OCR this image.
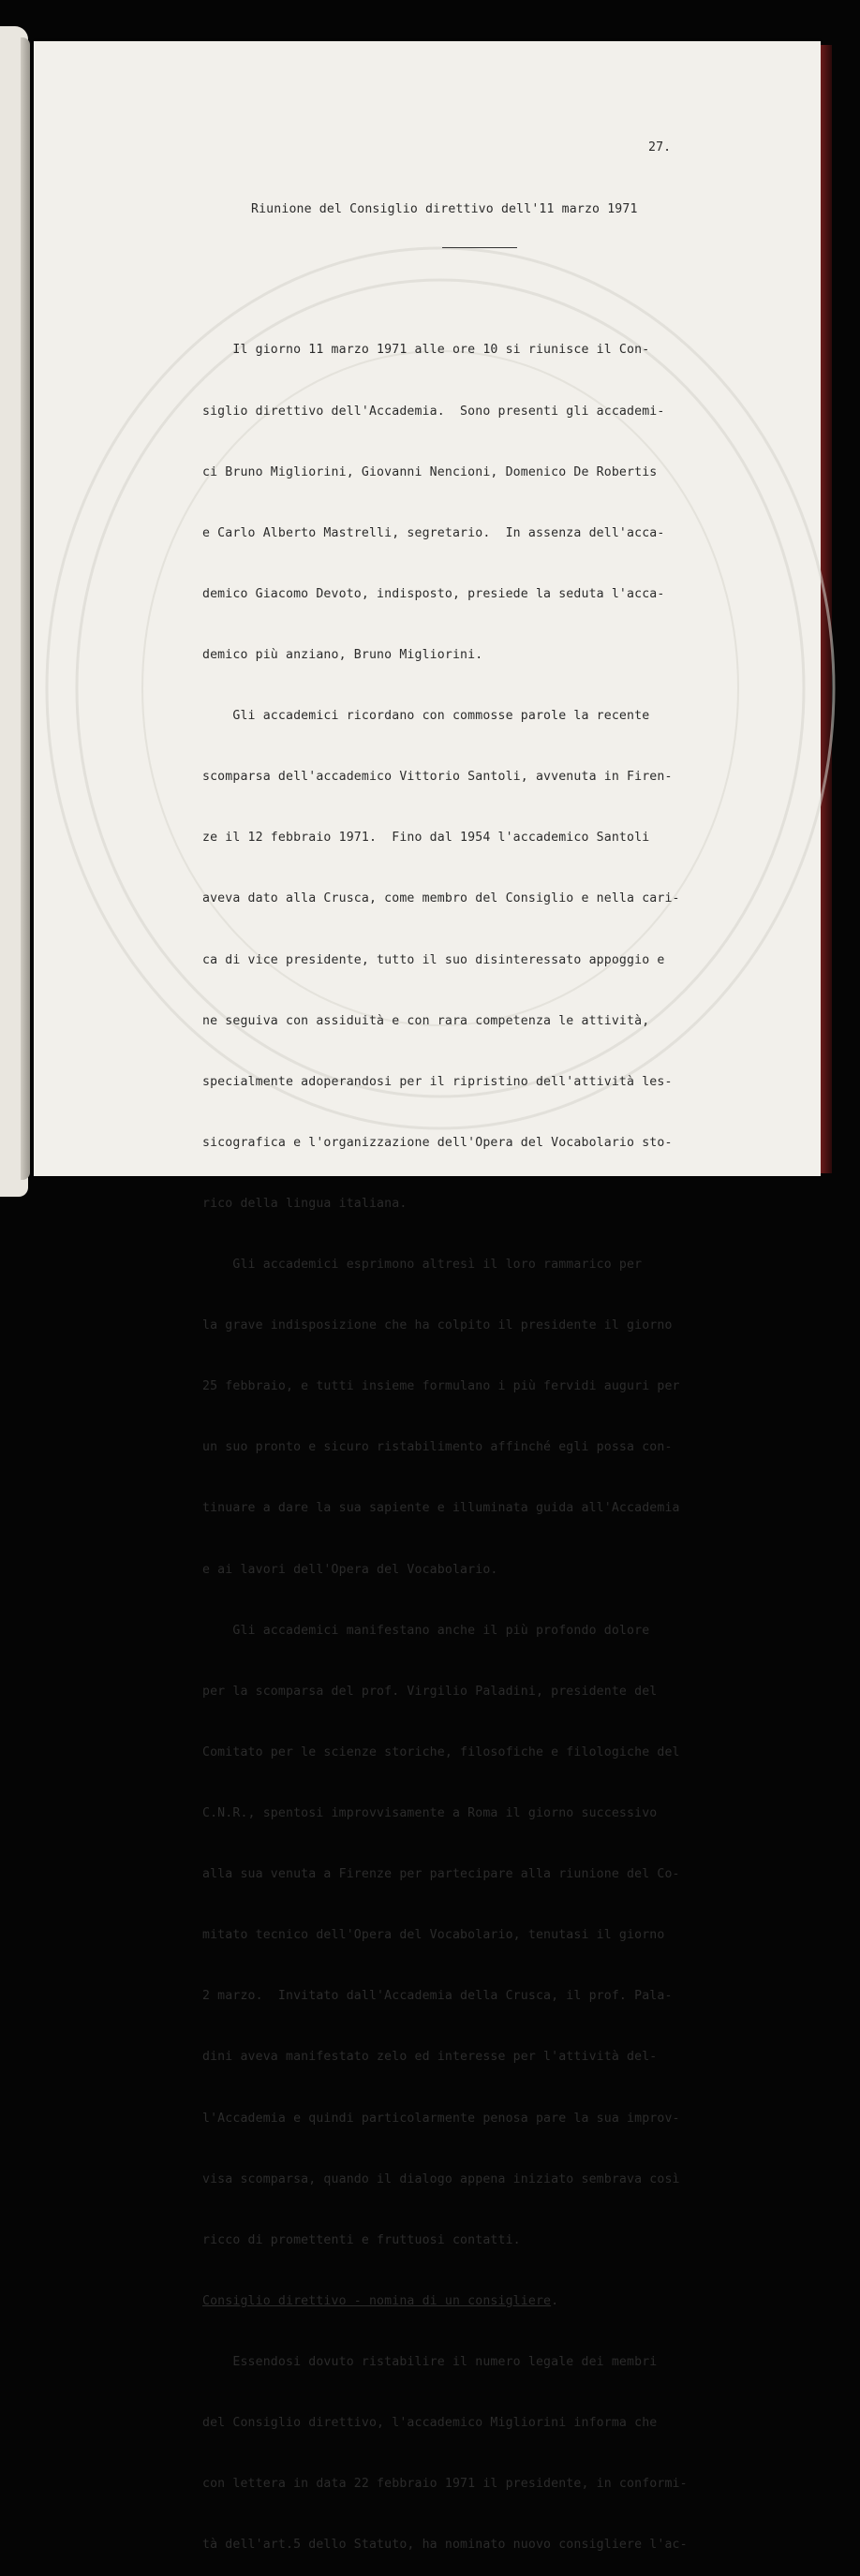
27.
Riunione del Consiglio direttivo dell'11 marzo 1971

Il giorno 11 marzo 1971 alle ore 10 si riunisce il Con-

siglio direttivo dell'Accademia.  Sono presenti gli accademi-

ci Bruno Migliorini, Giovanni Nencioni, Domenico De Robertis

e Carlo Alberto Mastrelli, segretario.  In assenza dell'acca-

demico Giacomo Devoto, indisposto, presiede la seduta l'acca-

demico più anziano, Bruno Migliorini.

Gli accademici ricordano con commosse parole la recente

scomparsa dell'accademico Vittorio Santoli, avvenuta in Firen-

ze il 12 febbraio 1971.  Fino dal 1954 l'accademico Santoli

aveva dato alla Crusca, come membro del Consiglio e nella cari-

ca di vice presidente, tutto il suo disinteressato appoggio e

ne seguiva con assiduità e con rara competenza le attività,

specialmente adoperandosi per il ripristino dell'attività les-

sicografica e l'organizzazione dell'Opera del Vocabolario sto-

rico della lingua italiana.

Gli accademici esprimono altresì il loro rammarico per

la grave indisposizione che ha colpito il presidente il giorno

25 febbraio, e tutti insieme formulano i più fervidi auguri per

un suo pronto e sicuro ristabilimento affinché egli possa con-

tinuare a dare la sua sapiente e illuminata guida all'Accademia

e ai lavori dell'Opera del Vocabolario.

Gli accademici manifestano anche il più profondo dolore

per la scomparsa del prof. Virgilio Paladini, presidente del

Comitato per le scienze storiche, filosofiche e filologiche del

C.N.R., spentosi improvvisamente a Roma il giorno successivo

alla sua venuta a Firenze per partecipare alla riunione del Co-

mitato tecnico dell'Opera del Vocabolario, tenutasi il giorno

2 marzo.  Invitato dall'Accademia della Crusca, il prof. Pala-

dini aveva manifestato zelo ed interesse per l'attività del-

l'Accademia e quindi particolarmente penosa pare la sua improv-

visa scomparsa, quando il dialogo appena iniziato sembrava così

ricco di promettenti e fruttuosi contatti.

Consiglio direttivo - nomina di un consigliere.

Essendosi dovuto ristabilire il numero legale dei membri

del Consiglio direttivo, l'accademico Migliorini informa che

con lettera in data 22 febbraio 1971 il presidente, in conformi-

tà dell'art.5 dello Statuto, ha nominato nuovo consigliere l'ac-
